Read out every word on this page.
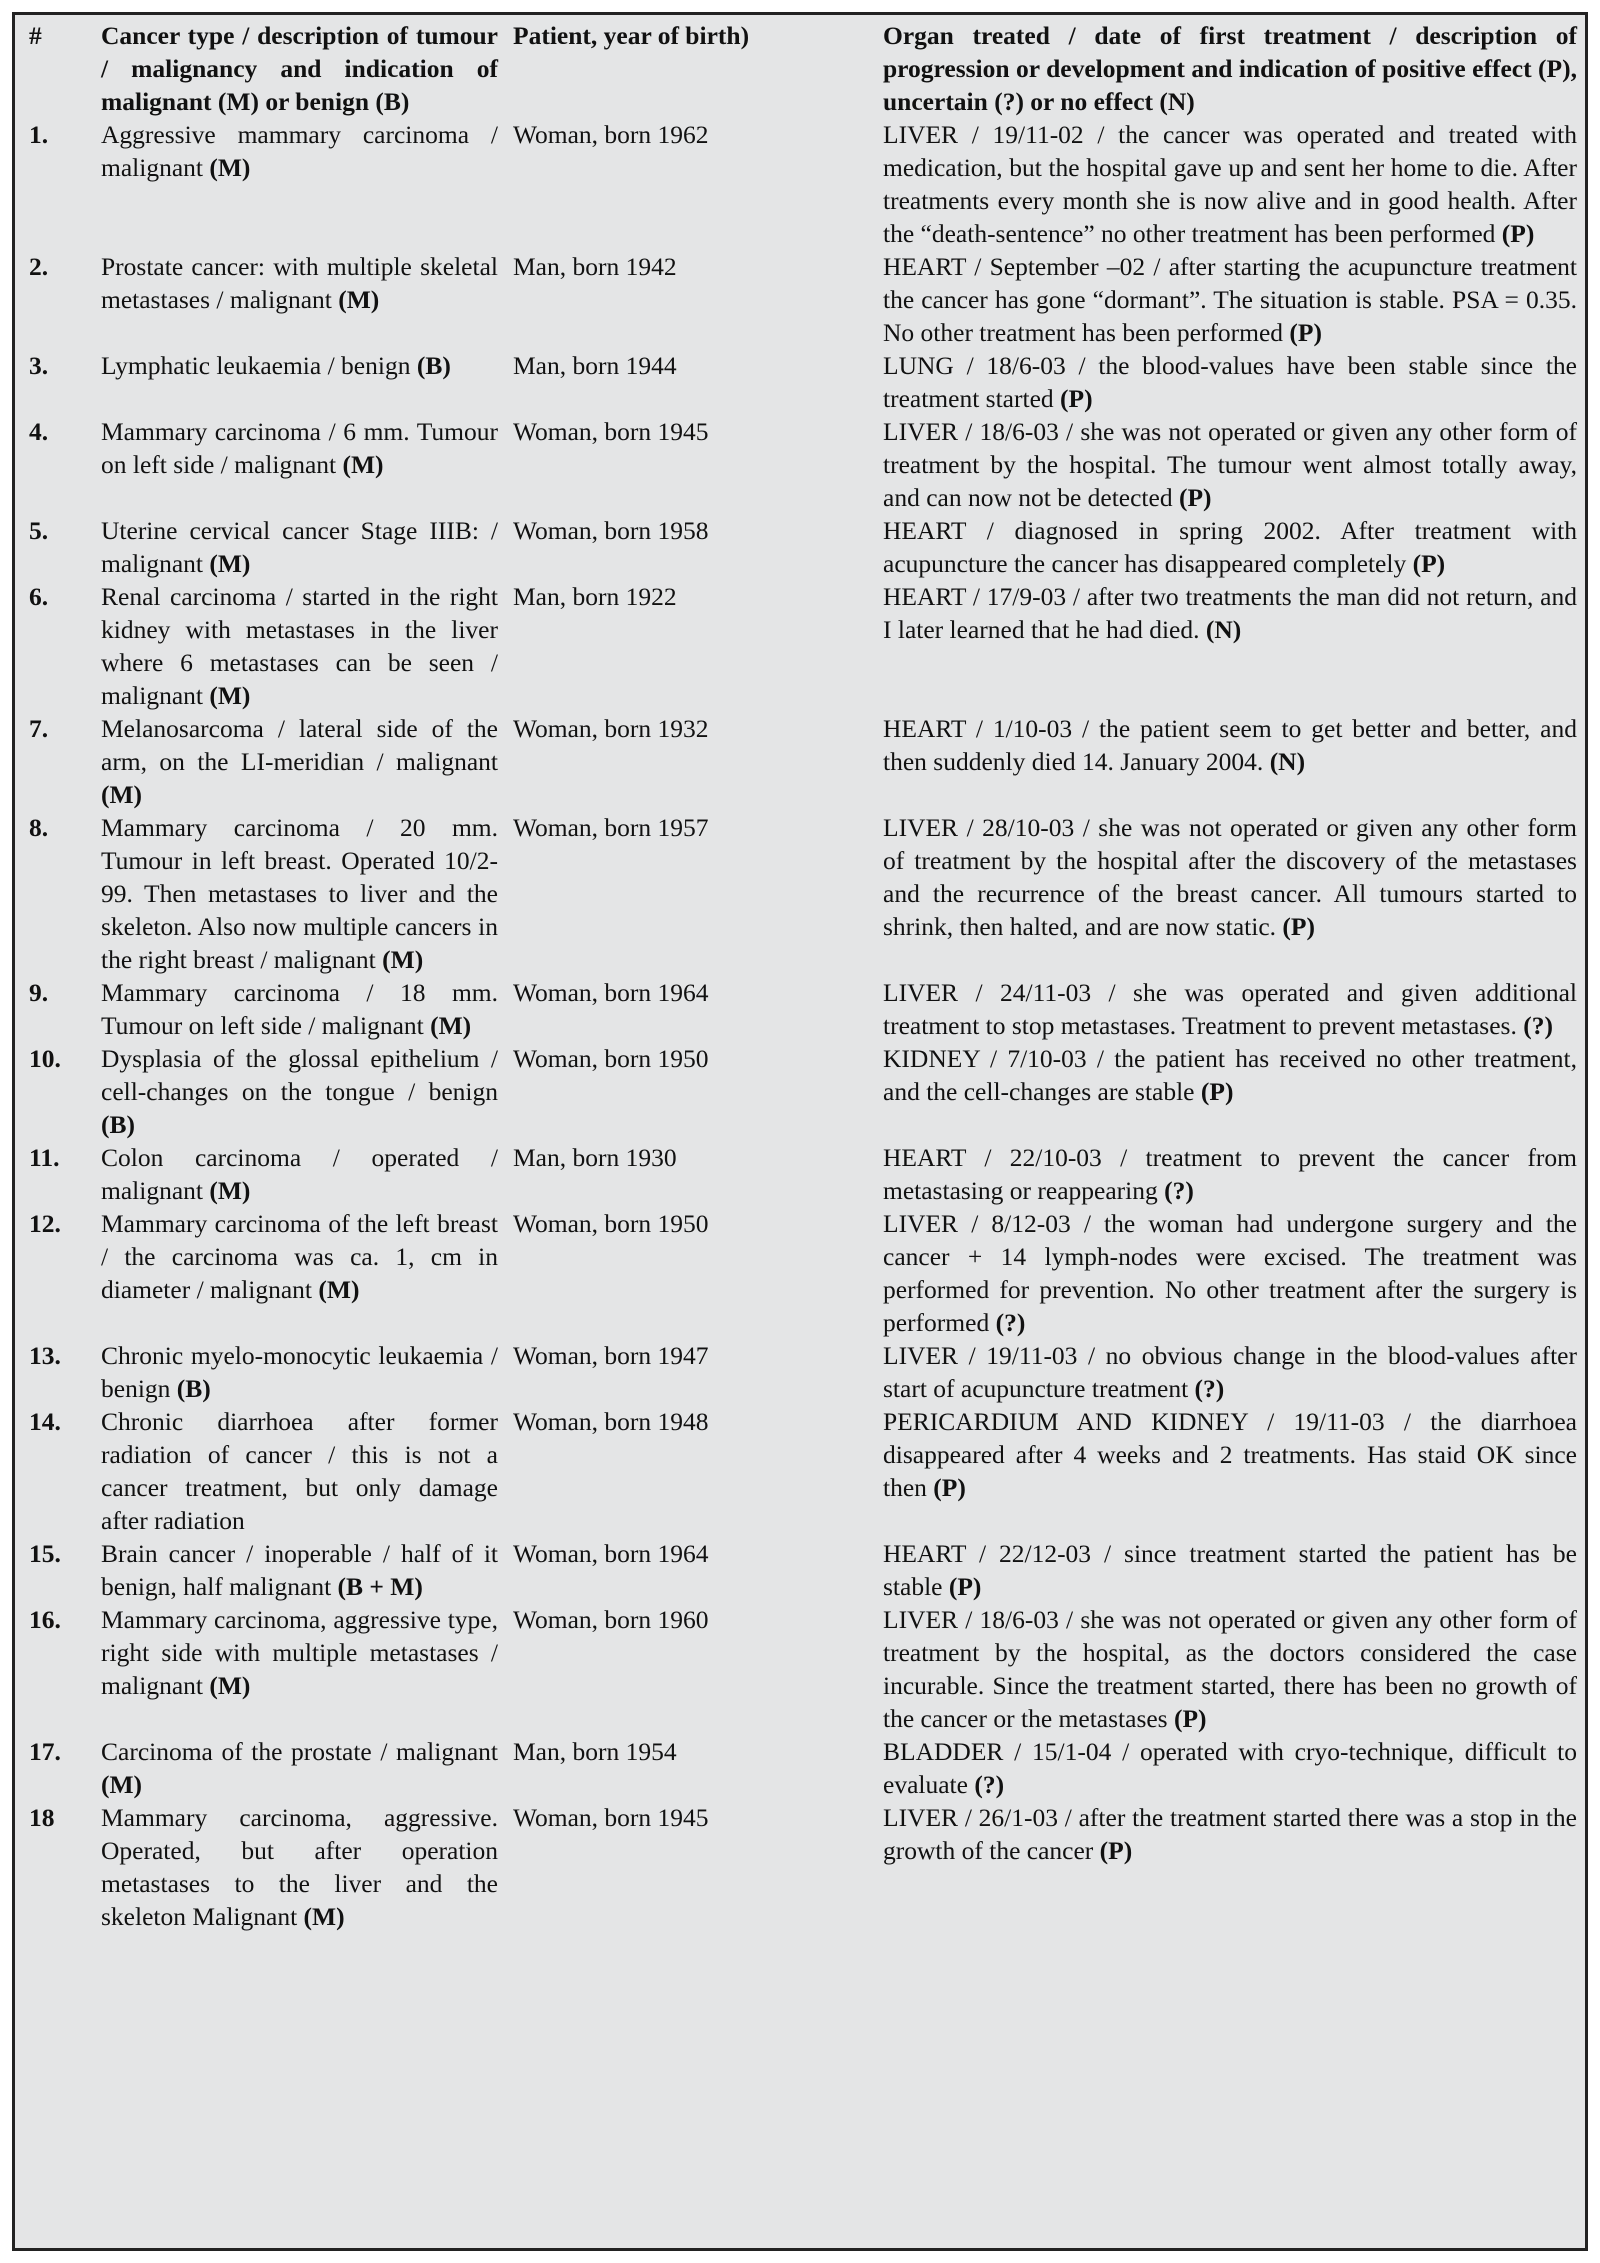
#	Cancer type / description of tumour / malignancy and indication of malignant (M) or benign (B)		Patient, year of birth)	Organ treated / date of first treatment / description of progression or development and indication of positive effect (P), uncertain (?) or no effect (N)
1.	Aggressive mammary carcinoma / malignant (M)		Woman, born 1962	LIVER / 19/11-02 / the cancer was operated and treated with medication, but the hospital gave up and sent her home to die. After treatments every month she is now alive and in good health. After the “death-sentence” no other treatment has been performed (P)
2.	Prostate cancer: with multiple skeletal metastases / malignant (M)		Man, born 1942	HEART / September –02 / after starting the acupuncture treatment the cancer has gone “dormant”. The situation is stable. PSA = 0.35. No other treatment has been performed (P)
3.	Lymphatic leukaemia / benign (B)		Man, born 1944	LUNG / 18/6-03 / the blood-values have been stable since the treatment started (P)
4.	Mammary carcinoma / 6 mm. Tumour on left side / malignant (M)		Woman, born 1945	LIVER / 18/6-03 / she was not operated or given any other form of treatment by the hospital. The tumour went almost totally away, and can now not be detected (P)
5.	Uterine cervical cancer Stage IIIB: / malignant (M)		Woman, born 1958	HEART / diagnosed in spring 2002. After treatment with acupuncture the cancer has disappeared completely (P)
6.	Renal carcinoma / started in the right kidney with metastases in the liver where 6 metastases can be seen / malignant (M)		Man, born 1922	HEART / 17/9-03 / after two treatments the man did not return, and I later learned that he had died. (N)
7.	Melanosarcoma / lateral side of the arm, on the LI-meridian / malignant (M)		Woman, born 1932	HEART / 1/10-03 / the patient seem to get better and better, and then suddenly died 14. January 2004. (N)
8.	Mammary carcinoma / 20 mm. Tumour in left breast. Operated 10/2-99. Then metastases to liver and the skeleton. Also now multiple cancers in the right breast / malignant (M)		Woman, born 1957	LIVER / 28/10-03 / she was not operated or given any other form of treatment by the hospital after the discovery of the metastases and the recurrence of the breast cancer. All tumours started to shrink, then halted, and are now static. (P)
9.	Mammary carcinoma / 18 mm. Tumour on left side / malignant (M)		Woman, born 1964	LIVER / 24/11-03 / she was operated and given additional treatment to stop metastases. Treatment to prevent metastases. (?)
10.	Dysplasia of the glossal epithelium / cell-changes on the tongue / benign (B)		Woman, born 1950	KIDNEY / 7/10-03 / the patient has received no other treatment, and the cell-changes are stable (P)
11.	Colon carcinoma / operated / malignant (M)		Man, born 1930	HEART / 22/10-03 / treatment to prevent the cancer from metastasing or reappearing (?)
12.	Mammary carcinoma of the left breast / the carcinoma was ca. 1, cm in diameter / malignant (M)		Woman, born 1950	LIVER / 8/12-03 / the woman had undergone surgery and the cancer + 14 lymph-nodes were excised. The treatment was performed for prevention. No other treatment after the surgery is performed (?)
13.	Chronic myelo-monocytic leukaemia / benign (B)		Woman, born 1947	LIVER / 19/11-03 / no obvious change in the blood-values after start of acupuncture treatment (?)
14.	Chronic diarrhoea after former radiation of cancer / this is not a cancer treatment, but only damage after radiation		Woman, born 1948	PERICARDIUM AND KIDNEY / 19/11-03 / the diarrhoea disappeared after 4 weeks and 2 treatments. Has staid OK since then (P)
15.	Brain cancer / inoperable / half of it benign, half malignant (B + M)		Woman, born 1964	HEART / 22/12-03 / since treatment started the patient has be stable (P)
16.	Mammary carcinoma, aggressive type, right side with multiple metastases / malignant (M)		Woman, born 1960	LIVER / 18/6-03 / she was not operated or given any other form of treatment by the hospital, as the doctors considered the case incurable. Since the treatment started, there has been no growth of the cancer or the metastases (P)
17.	Carcinoma of the prostate / malignant (M)		Man, born 1954	BLADDER / 15/1-04 / operated with cryo-technique, difficult to evaluate (?)
18	Mammary carcinoma, aggressive. Operated, but after operation metastases to the liver and the skeleton Malignant (M)		Woman, born 1945	LIVER / 26/1-03 / after the treatment started there was a stop in the growth of the cancer (P)
